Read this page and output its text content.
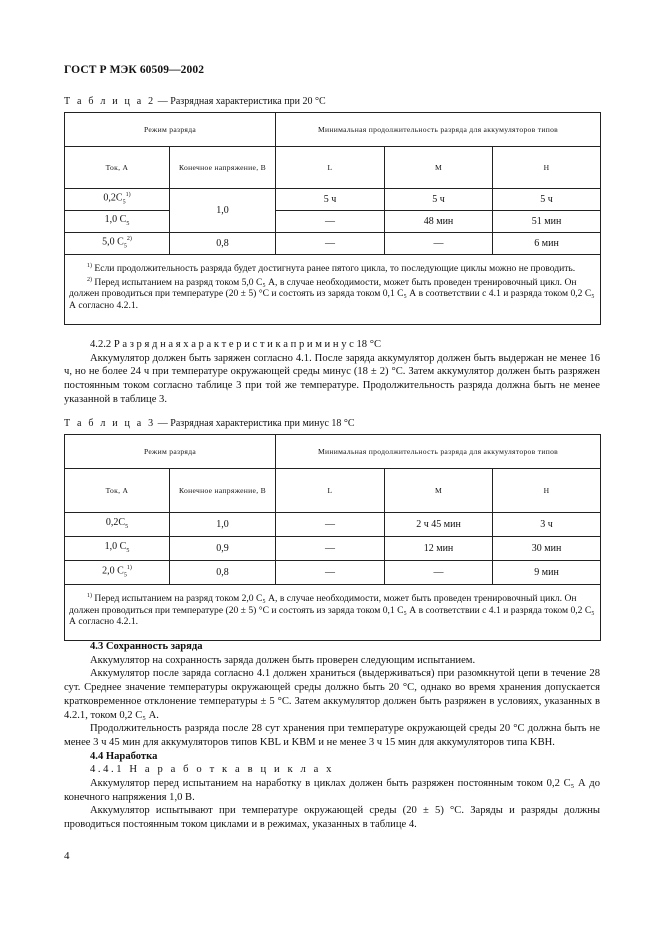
ГОСТ Р МЭК 60509—2002
Т а б л и ц а 2 — Разрядная характеристика при 20 °С
Режим разряда		Минимальная продолжительность разряда для аккумуляторов типов		
Ток, А	Конечное напряжение, В	L	M	H
$0,2C_5^{1)}$	1,0	5 ч	5 ч	5 ч
1,0 $C_5$		—	48 мин	51 мин
5,0 $C_5^{2)}$	0,8	—	—	6 мин

$^{1)}$ Если продолжительность разряда будет достигнута ранее пятого цикла, то последующие циклы можно не проводить.
$^{2)}$ Перед испытанием на разряд током 5,0 C₅ А, в случае необходимости, может быть проведен тренировочный цикл. Он должен проводиться при температуре (20 ± 5) °С и состоять из заряда током 0,1 C₅ А в соответствии с 4.1 и разряда током 0,2 C₅ А согласно 4.2.1.				
4.2.2 Р а з р я д н а я х а р а к т е р и с т и к а п р и м и н у с 18 °С
Аккумулятор должен быть заряжен согласно 4.1. После заряда аккумулятор должен быть выдержан не менее 16 ч, но не более 24 ч при температуре окружающей среды минус (18 ± 2) °С. Затем аккумулятор должен быть разряжен постоянным током согласно таблице 3 при той же температуре. Продолжительность разряда должна быть не менее указанной в таблице 3.
Т а б л и ц а 3 — Разрядная характеристика при минус 18 °С
Режим разряда		Минимальная продолжительность разряда для аккумуляторов типов		
Ток, А	Конечное напряжение, В	L	M	H
$0,2C_5$	1,0	—	2 ч 45 мин	3 ч
1,0 $C_5$	0,9	—	12 мин	30 мин
2,0 $C_5^{1)}$	0,8	—	—	9 мин

$^{1)}$ Перед испытанием на разряд током 2,0 C₅ А, в случае необходимости, может быть проведен тренировочный цикл. Он должен проводиться при температуре (20 ± 5) °С и состоять из заряда током 0,1 C₅ А в соответствии с 4.1 и разряда током 0,2 C₅ А согласно 4.2.1.				
4.3 Сохранность заряда
Аккумулятор на сохранность заряда должен быть проверен следующим испытанием.
Аккумулятор после заряда согласно 4.1 должен храниться (выдерживаться) при разомкнутой цепи в течение 28 сут. Среднее значение температуры окружающей среды должно быть 20 °С, однако во время хранения допускается кратковременное отклонение температуры ± 5 °С. Затем аккумулятор должен быть разряжен в условиях, указанных в 4.2.1, током 0,2 C₅ А.
Продолжительность разряда после 28 сут хранения при температуре окружающей среды 20 °С должна быть не менее 3 ч 45 мин для аккумуляторов типов KBL и KBM и не менее 3 ч 15 мин для аккумуляторов типа KBH.
4.4 Наработка
4.4.1 Н а р а б о т к а в ц и к л а х
Аккумулятор перед испытанием на наработку в циклах должен быть разряжен постоянным током 0,2 C₅ А до конечного напряжения 1,0 В.
Аккумулятор испытывают при температуре окружающей среды (20 ± 5) °С. Заряды и разряды должны проводиться постоянным током циклами и в режимах, указанных в таблице 4.
4
